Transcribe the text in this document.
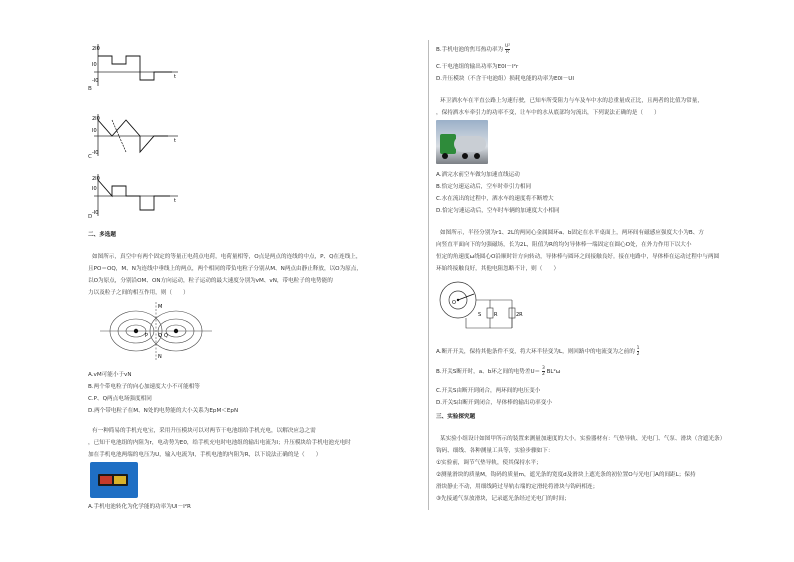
2I0
I0
-I0
t
B
2I0
I0
-I0
t
C
2I0
I0
-I0
t
D
二、多选题
如图所示，真空中有两个固定的等量正电荷点电荷，电荷量相等，O点是两点的连线的中点，P、Q在连线上，
且PO＝OQ，M、N为连线中垂线上的两点，两个相同的带负电粒子分别从M、N两点由静止释放，以O为原点，
以O为原点，分别沿OM、ON方向运动，粒子运动的最大速度分别为vM、vN，带电粒子的电势能的
力以及粒子之间的相互作用，则（　　）
M
N
P O Q
A.vM可能小于vN
B.两个带电粒子的向心加速度大小不可能相等
C.P、Q两点电场强度相同
D.两个带电粒子在M、N处的电势能的大小关系为EpM＜EpN
有一种简易的手机充电宝，采用升压模块可以对两节干电池组给手机充电，以解决应急之需
，已知干电池组的内阻为r，电动势为E0，给手机充电时电池组的输出电流为I；升压模块给手机电池充电时
加在手机电池两端的电压为U，输入电流为I，手机电池的内阻为R，以下说法正确的是（　　）
A.手机电池转化为化学能的功率为UI－I²R
B.手机电池的焦耳热功率为 $\frac{\text{U²}}{R}$
C.干电池组的输出功率为E0I－I²r
D.升压模块（不含干电池组）损耗电能的功率为E0I－UI
环卫洒水车在平直公路上匀速行驶，已知车所受阻力与车及车中水的总重量成正比，且两者的比值为常量，
，保持洒水车牵引力的功率不变，让车中的水从底部均匀流出，下列说法正确的是（　　）
A.洒完水前空车做匀加速直线运动
B.恰定匀速运动后，空车时牵引力相同
C.水在流出的过程中，洒水车的速度将不断增大
D.恰定匀速运动后，空车时车辆的加速度大小相同
如图所示，半径分别为r1、2L的两同心金属圆环a、b固定在水平桌面上，两环间有磁感应强度大小为B、方
向竖直平面向下的匀强磁场，长为2L，阻值为R的均匀导体棒一端固定在圆心O处，在外力作用下以大小
恒定的角速度ω绕圆心O沿顺时针方向转动，导体棒与圆环之间接触良好。接在电路中，导体棒在运动过程中与两圆
环始终接触良好，其他电阻忽略不计，则（　　）
O
R	2R
S
A.断开开关，保持其他条件不变，将大环半径变为L，则回路中的电流变为之前的 $\frac{1}{2}$
B.开关S断开时，a、b环之间的电势差$U= \frac{3}{2} BL^2\omega$
C.开关S由断开到闭合，两环间的电压变小
D.开关S由断开到闭合，导体棒的输出功率变小
三、实验探究题
某实验小组设计如图甲所示的装置来测量加速度的大小。实验器材有：气垫导轨、光电门、气泵、滑块（含遮光条）
钩码、细线、各种测量工具等，实验步骤如下：
①实验前，调节气垫导轨，使其保持水平；
②测量滑块的质量M，钩码的质量m，遮光条的宽度d及滑块上遮光条的初位置O与光电门A的间距L；保持
滑块静止不动，用细线跨过导轨右端的定滑轮将滑块与钩码相连；
③先接通气泵放滑块，记录遮光条经过光电门的时间；
